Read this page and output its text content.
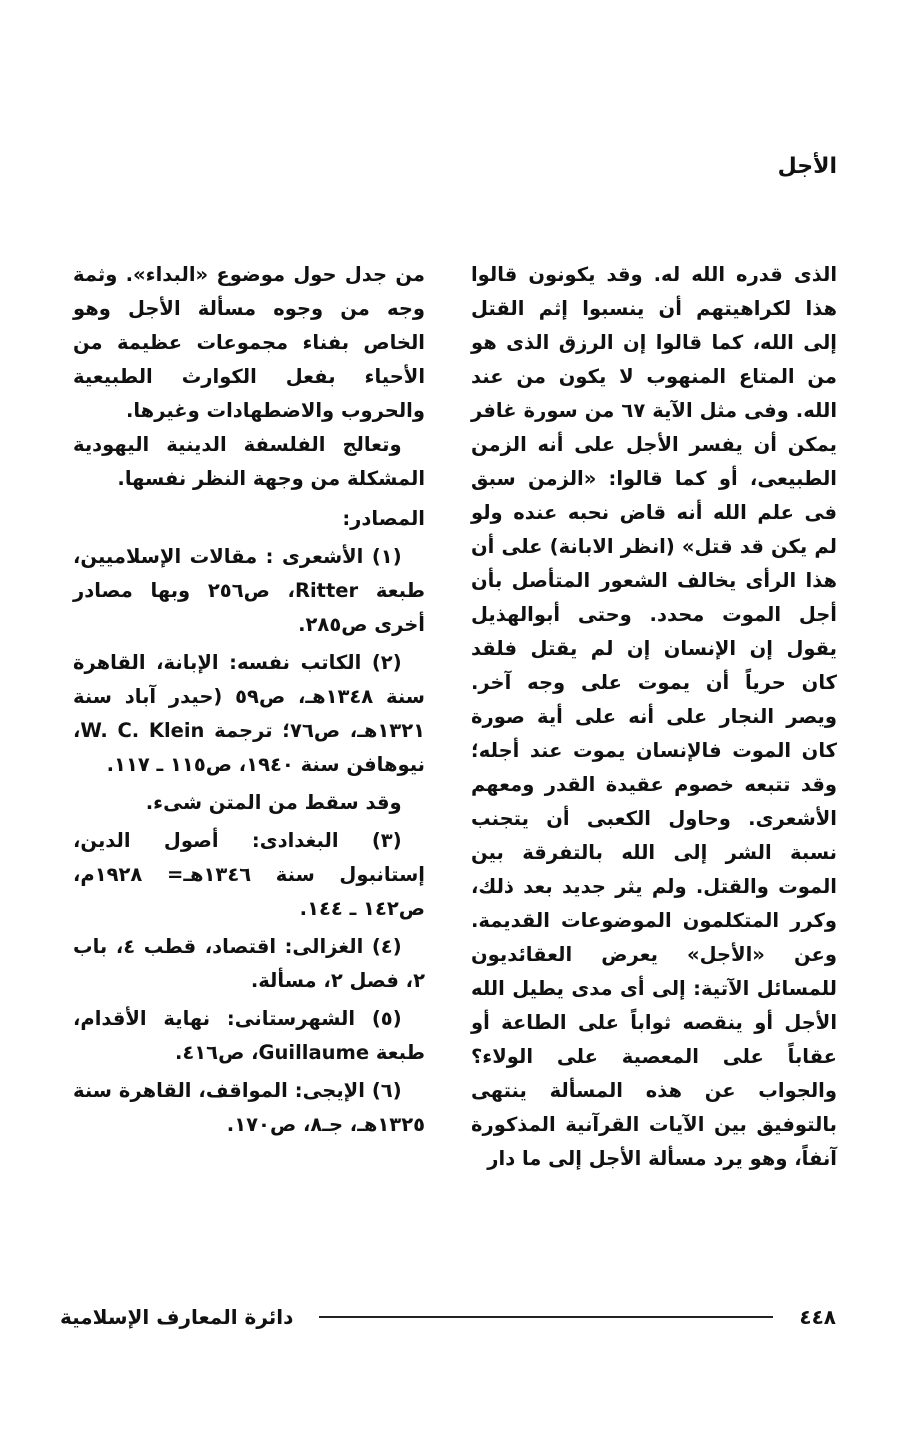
الأجل

الذى قدره الله له. وقد يكونون قالوا هذا لكراهيتهم أن ينسبوا إثم القتل إلى الله، كما قالوا إن الرزق الذى هو من المتاع المنهوب لا يكون من عند الله. وفى مثل الآية ٦٧ من سورة غافر يمكن أن يفسر الأجل على أنه الزمن الطبيعى، أو كما قالوا: «الزمن سبق فى علم الله أنه قاض نحبه عنده ولو لم يكن قد قتل» (انظر الابانة) على أن هذا الرأى يخالف الشعور المتأصل بأن أجل الموت محدد. وحتى أبوالهذيل يقول إن الإنسان إن لم يقتل فلقد كان حرياً أن يموت على وجه آخر. ويصر النجار على أنه على أية صورة كان الموت فالإنسان يموت عند أجله؛ وقد تتبعه خصوم عقيدة القدر ومعهم الأشعرى. وحاول الكعبى أن يتجنب نسبة الشر إلى الله بالتفرقة بين الموت والقتل. ولم يثر جديد بعد ذلك، وكرر المتكلمون الموضوعات القديمة. وعن «الأجل» يعرض العقائديون للمسائل الآتية: إلى أى مدى يطيل الله الأجل أو ينقصه ثواباً على الطاعة أو عقاباً على المعصية على الولاء؟ والجواب عن هذه المسألة ينتهى بالتوفيق بين الآيات القرآنية المذكورة آنفاً، وهو يرد مسألة الأجل إلى ما دار

من جدل حول موضوع «البداء». وثمة وجه من وجوه مسألة الأجل وهو الخاص بفناء مجموعات عظيمة من الأحياء بفعل الكوارث الطبيعية والحروب والاضطهادات وغيرها.

وتعالج الفلسفة الدينية اليهودية المشكلة من وجهة النظر نفسها.

المصادر:

(١) الأشعرى : مقالات الإسلاميين، طبعة Ritter، ص٢٥٦ وبها مصادر أخرى ص٢٨٥.

(٢) الكاتب نفسه: الإبانة، القاهرة سنة ١٣٤٨هـ، ص٥٩ (حيدر آباد سنة ١٣٢١هـ، ص٧٦؛ ترجمة W. C. Klein، نيوهافن سنة ١٩٤٠، ص١١٥ ـ ١١٧.

وقد سقط من المتن شىء.

(٣) البغدادى: أصول الدين، إستانبول سنة ١٣٤٦هـ= ١٩٢٨م، ص١٤٢ ـ ١٤٤.

(٤) الغزالى: اقتصاد، قطب ٤، باب ٢، فصل ٢، مسألة.

(٥) الشهرستانى: نهاية الأقدام، طبعة Guillaume، ص٤١٦.

(٦) الإيجى: المواقف، القاهرة سنة ١٣٢٥هـ، جـ٨، ص١٧٠.

٤٤٨
دائرة المعارف الإسلامية
